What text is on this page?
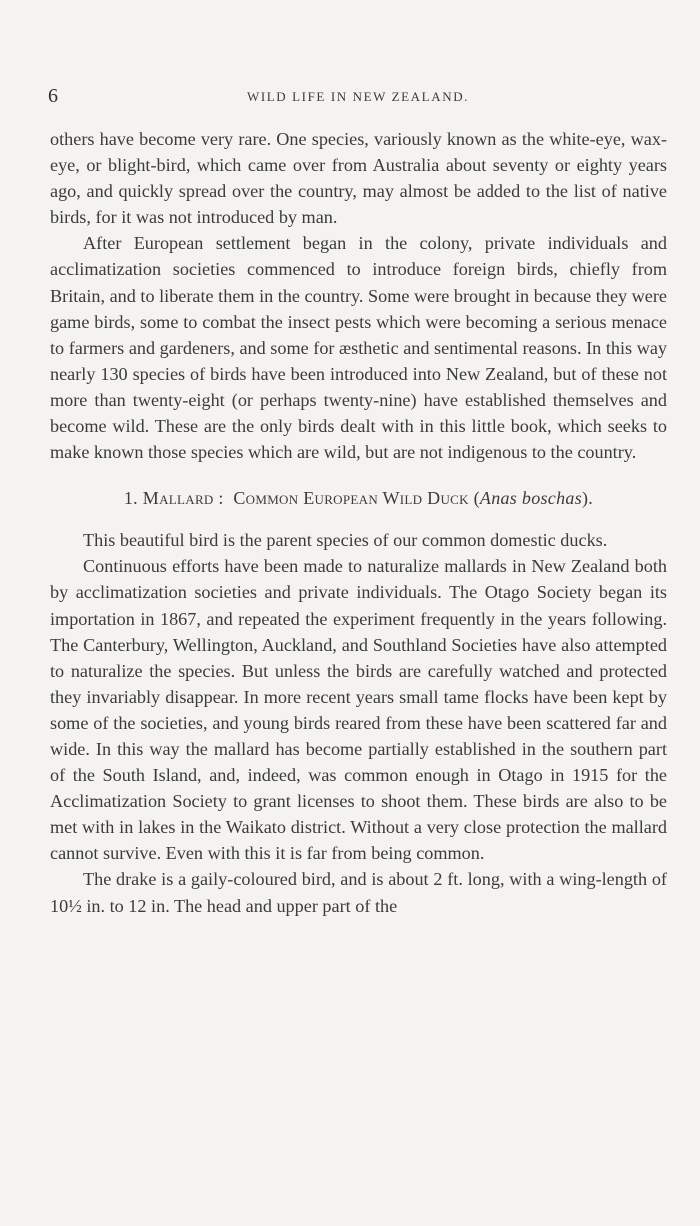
6	WILD LIFE IN NEW ZEALAND.

others have become very rare. One species, variously known as the white-eye, wax-eye, or blight-bird, which came over from Australia about seventy or eighty years ago, and quickly spread over the country, may almost be added to the list of native birds, for it was not introduced by man.

After European settlement began in the colony, private individuals and acclimatization societies commenced to introduce foreign birds, chiefly from Britain, and to liberate them in the country. Some were brought in because they were game birds, some to combat the insect pests which were becoming a serious menace to farmers and gardeners, and some for æsthetic and sentimental reasons. In this way nearly 130 species of birds have been introduced into New Zealand, but of these not more than twenty-eight (or perhaps twenty-nine) have established themselves and become wild. These are the only birds dealt with in this little book, which seeks to make known those species which are wild, but are not indigenous to the country.

1. Mallard : Common European Wild Duck (Anas boschas).

This beautiful bird is the parent species of our common domestic ducks.

Continuous efforts have been made to naturalize mallards in New Zealand both by acclimatization societies and private individuals. The Otago Society began its importation in 1867, and repeated the experiment frequently in the years following. The Canterbury, Wellington, Auckland, and Southland Societies have also attempted to naturalize the species. But unless the birds are carefully watched and protected they invariably disappear. In more recent years small tame flocks have been kept by some of the societies, and young birds reared from these have been scattered far and wide. In this way the mallard has become partially established in the southern part of the South Island, and, indeed, was common enough in Otago in 1915 for the Acclimatization Society to grant licenses to shoot them. These birds are also to be met with in lakes in the Waikato district. Without a very close protection the mallard cannot survive. Even with this it is far from being common.

The drake is a gaily-coloured bird, and is about 2 ft. long, with a wing-length of 10½ in. to 12 in. The head and upper part of the
